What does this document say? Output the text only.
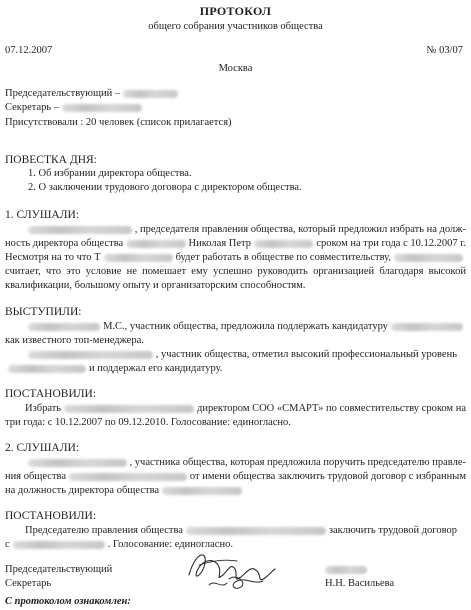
ПРОТОКОЛ
общего собрания участников общества
07.12.2007	№ 03/07
Москва
Председательствующий –
Секретарь –
Присутствовали : 20 человек (список прилагается)
ПОВЕСТКА ДНЯ:
1. Об избрании директора общества.
2. О заключении трудового договора с директором общества.
1. СЛУШАЛИ:
, председателя правления общества, который предложил избрать на долж-
ность директора общества	Николая Петр	сроком на три года с 10.12.2007 г.
Несмотря на то что Т	будет работать в обществе по совместительству,
считает, что это условие не помешает ему успешно руководить организацией благодаря высокой
квалификации, большому опыту и организаторским способностям.
ВЫСТУПИЛИ:
М.С., участник общества, предложила подлержать кандидатуру
как известного топ-менеджера.
, участник общества, отметил высокий профессиональный уровень
и поддержал его кандидатуру.
ПОСТАНОВИЛИ:
Избрать	директором СОО «СМАРТ» по совместительству сроком на
три года: с 10.12.2007 по 09.12.2010. Голосование: единогласно.
2. СЛУШАЛИ:
, участника общества, которая предложила поручить председателю правле-
ния общества	от имени общества заключить трудовой договор с избранным
на должность директора общества
ПОСТАНОВИЛИ:
Председателю правления общества	заключить трудовой договор
с	. Голосование: единогласно.
Председательствующий
Секретарь	Н.Н. Васильева
С протоколом ознакомлен:
